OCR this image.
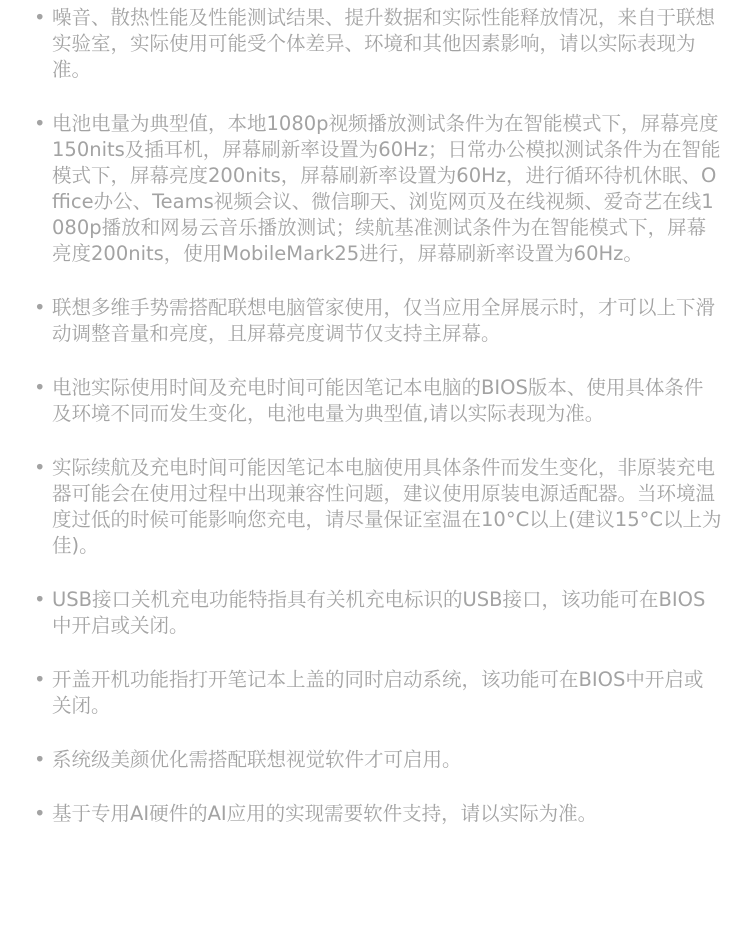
• 噪音、散热性能及性能测试结果、提升数据和实际性能释放情况，来自于联想实验室，实际使用可能受个体差异、环境和其他因素影响，请以实际表现为准。
• 电池电量为典型值，本地1080p视频播放测试条件为在智能模式下，屏幕亮度150nits及插耳机，屏幕刷新率设置为60Hz；日常办公模拟测试条件为在智能模式下，屏幕亮度200nits，屏幕刷新率设置为60Hz，进行循环待机休眠、Office办公、Teams视频会议、微信聊天、浏览网页及在线视频、爱奇艺在线1080p播放和网易云音乐播放测试；续航基准测试条件为在智能模式下，屏幕亮度200nits，使用MobileMark25进行，屏幕刷新率设置为60Hz。
• 联想多维手势需搭配联想电脑管家使用，仅当应用全屏展示时，才可以上下滑动调整音量和亮度，且屏幕亮度调节仅支持主屏幕。
• 电池实际使用时间及充电时间可能因笔记本电脑的BIOS版本、使用具体条件及环境不同而发生变化，电池电量为典型值,请以实际表现为准。
• 实际续航及充电时间可能因笔记本电脑使用具体条件而发生变化，非原装充电器可能会在使用过程中出现兼容性问题，建议使用原装电源适配器。当环境温度过低的时候可能影响您充电，请尽量保证室温在10°C以上(建议15°C以上为佳)。
• USB接口关机充电功能特指具有关机充电标识的USB接口，该功能可在BIOS中开启或关闭。
• 开盖开机功能指打开笔记本上盖的同时启动系统，该功能可在BIOS中开启或关闭。
• 系统级美颜优化需搭配联想视觉软件才可启用。
• 基于专用AI硬件的AI应用的实现需要软件支持，请以实际为准。
